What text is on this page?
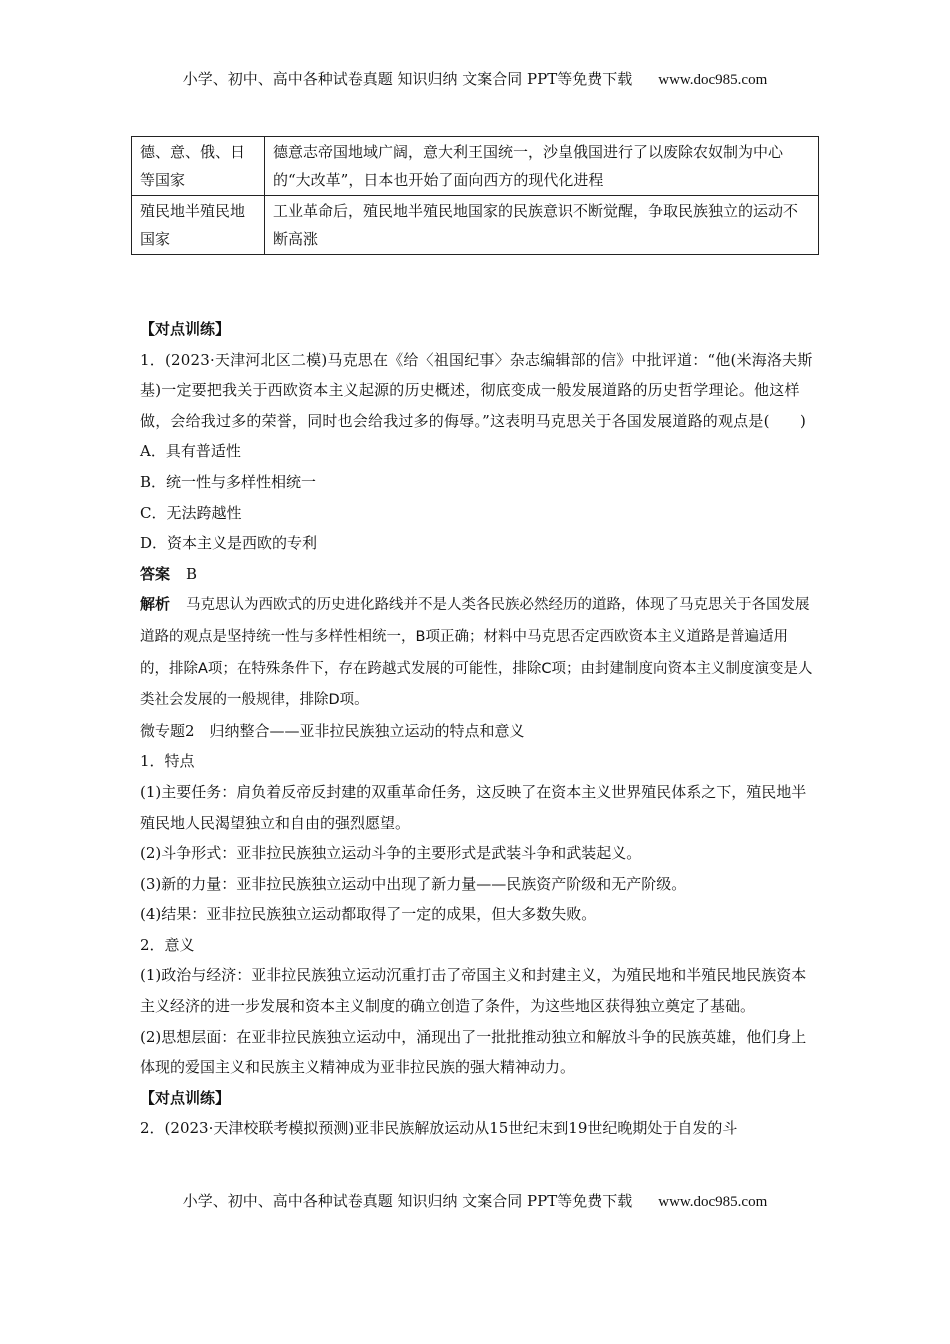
小学、初中、高中各种试卷真题 知识归纳 文案合同 PPT等免费下载 www.doc985.com
德、意、俄、日等国家	德意志帝国地域广阔，意大利王国统一，沙皇俄国进行了以废除农奴制为中心的“大改革”，日本也开始了面向西方的现代化进程
殖民地半殖民地国家	工业革命后，殖民地半殖民地国家的民族意识不断觉醒，争取民族独立的运动不断高涨

【对点训练】

1．(2023·天津河北区二模)马克思在《给〈祖国纪事〉杂志编辑部的信》中批评道：“他(米海洛夫斯基)一定要把我关于西欧资本主义起源的历史概述，彻底变成一般发展道路的历史哲学理论。他这样做，会给我过多的荣誉，同时也会给我过多的侮辱。”这表明马克思关于各国发展道路的观点是(　　)

A．具有普适性

B．统一性与多样性相统一

C．无法跨越性

D．资本主义是西欧的专利

答案 B

解析 马克思认为西欧式的历史进化路线并不是人类各民族必然经历的道路，体现了马克思关于各国发展道路的观点是坚持统一性与多样性相统一，B项正确；材料中马克思否定西欧资本主义道路是普遍适用的，排除A项；在特殊条件下，存在跨越式发展的可能性，排除C项；由封建制度向资本主义制度演变是人类社会发展的一般规律，排除D项。

微专题2　归纳整合——亚非拉民族独立运动的特点和意义

1．特点

(1)主要任务：肩负着反帝反封建的双重革命任务，这反映了在资本主义世界殖民体系之下，殖民地半殖民地人民渴望独立和自由的强烈愿望。

(2)斗争形式：亚非拉民族独立运动斗争的主要形式是武装斗争和武装起义。

(3)新的力量：亚非拉民族独立运动中出现了新力量——民族资产阶级和无产阶级。

(4)结果：亚非拉民族独立运动都取得了一定的成果，但大多数失败。

2．意义

(1)政治与经济：亚非拉民族独立运动沉重打击了帝国主义和封建主义，为殖民地和半殖民地民族资本主义经济的进一步发展和资本主义制度的确立创造了条件，为这些地区获得独立奠定了基础。

(2)思想层面：在亚非拉民族独立运动中，涌现出了一批批推动独立和解放斗争的民族英雄，他们身上体现的爱国主义和民族主义精神成为亚非拉民族的强大精神动力。

【对点训练】

2．(2023·天津校联考模拟预测)亚非民族解放运动从15世纪末到19世纪晚期处于自发的斗

小学、初中、高中各种试卷真题 知识归纳 文案合同 PPT等免费下载 www.doc985.com
